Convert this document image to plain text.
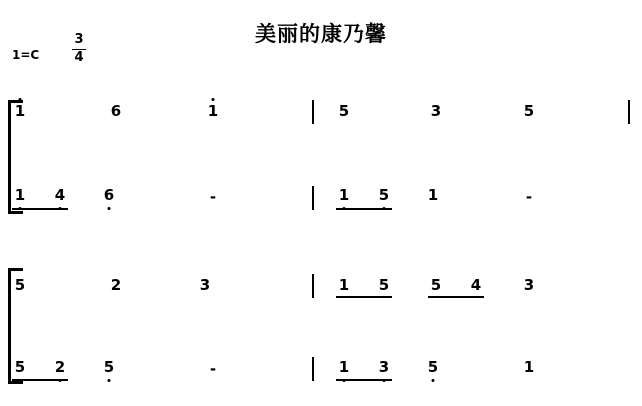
美丽的康乃馨
1=C
3
4
1	6	1	5	3	5
1 4	6	-	1 5	1	-
5	2	3	1 5	5 4	3
5 2	5	-	1 3	5	1
